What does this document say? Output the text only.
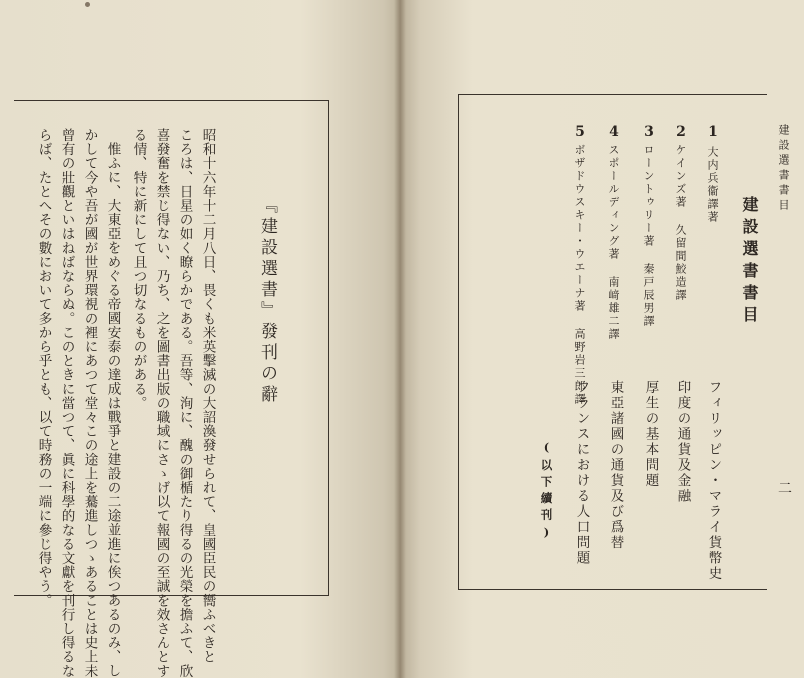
『建設選書』發刊の辭
昭和十六年十二月八日、畏くも米英擊滅の大詔渙發せられて、皇國臣民の嚮ふべきと
ころは、日星の如く瞭らかである。吾等、洵に、醜の御楯たり得るの光榮を擔ふて、欣
喜發奮を禁じ得ない、乃ち、之を圖書出版の職域にさゝげ以て報國の至誠を效さんとす
る情、特に新にして且つ切なるものがある。
惟ふに、大東亞をめぐる帝國安泰の達成は戰爭と建設の二途並進に俟つあるのみ、し
かして今や吾が國が世界環視の裡にあつて堂々この途上を驀進しつゝあることは史上未
曾有の壯觀といはねばならぬ。このときに當つて、眞に科學的なる文獻を刊行し得るな
らば、たとへその數において多から乎とも、以て時務の一端に參じ得やう。	建設選書書目
二
建設選書書目
1
大内兵衞譯著
フィリッピン・マライ貨幣史
2
ケインズ著 久留間鮫造譯
印度の通貨及金融
3
ローントゥリー著 秦戸辰男譯
厚生の基本問題
4
スポールディング著 南﨑雄二譯
東亞諸國の通貨及び爲替
5
ボザドウスキー・ウエーナ著 高野岩三郎譯
フランスにおける人口問題
(以下續刊)
